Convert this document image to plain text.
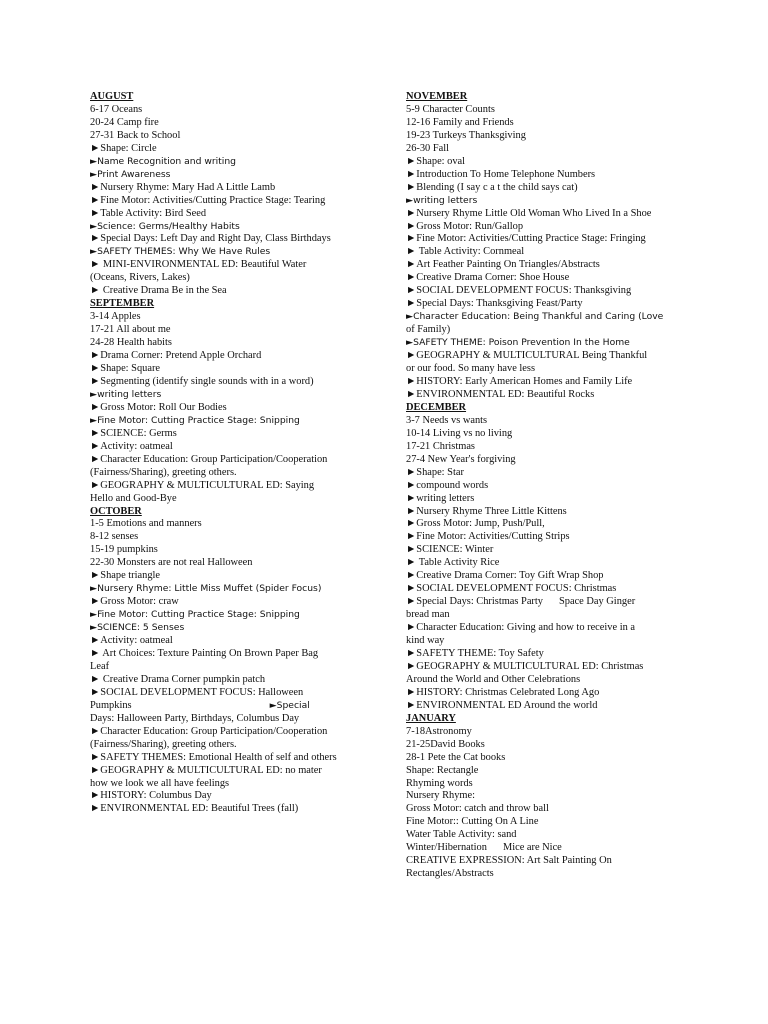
AUGUST
6-17 Oceans
20-24 Camp fire
27-31 Back to School
►Shape: Circle
►Name Recognition and writing
►Print Awareness
►Nursery Rhyme: Mary Had A Little Lamb
►Fine Motor: Activities/Cutting Practice Stage: Tearing
►Table Activity: Bird Seed
►Science: Germs/Healthy Habits
►Special Days: Left Day and Right Day, Class Birthdays
►SAFETY THEMES: Why We Have Rules
► MINI-ENVIRONMENTAL ED: Beautiful Water
(Oceans, Rivers, Lakes)
► Creative Drama Be in the Sea
SEPTEMBER
3-14 Apples
17-21 All about me
24-28 Health habits
►Drama Corner: Pretend Apple Orchard
►Shape: Square
►Segmenting (identify single sounds with in a word)
►writing letters
►Gross Motor: Roll Our Bodies
►Fine Motor: Cutting Practice Stage: Snipping
►SCIENCE: Germs
►Activity: oatmeal
►Character Education: Group Participation/Cooperation
(Fairness/Sharing), greeting others.
►GEOGRAPHY & MULTICULTURAL ED: Saying
Hello and Good-Bye
OCTOBER
1-5 Emotions and manners
8-12 senses
15-19 pumpkins
22-30 Monsters are not real Halloween
►Shape triangle
►Nursery Rhyme: Little Miss Muffet (Spider Focus)
►Gross Motor: craw
►Fine Motor: Cutting Practice Stage: Snipping
►SCIENCE: 5 Senses
►Activity: oatmeal
► Art Choices: Texture Painting On Brown Paper Bag
Leaf
► Creative Drama Corner pumpkin patch
►SOCIAL DEVELOPMENT FOCUS: Halloween
Pumpkins	►Special
Days: Halloween Party, Birthdays, Columbus Day
►Character Education: Group Participation/Cooperation
(Fairness/Sharing), greeting others.
►SAFETY THEMES: Emotional Health of self and others
►GEOGRAPHY & MULTICULTURAL ED: no mater
how we look we all have feelings
►HISTORY: Columbus Day
►ENVIRONMENTAL ED: Beautiful Trees (fall)
NOVEMBER
5-9 Character Counts
12-16 Family and Friends
19-23 Turkeys Thanksgiving
26-30 Fall
►Shape: oval
►Introduction To Home Telephone Numbers
►Blending (I say c a t the child says cat)
►writing letters
►Nursery Rhyme Little Old Woman Who Lived In a Shoe
►Gross Motor: Run/Gallop
►Fine Motor: Activities/Cutting Practice Stage: Fringing
► Table Activity: Cornmeal
►Art Feather Painting On Triangles/Abstracts
►Creative Drama Corner: Shoe House
►SOCIAL DEVELOPMENT FOCUS: Thanksgiving
►Special Days: Thanksgiving Feast/Party
►Character Education: Being Thankful and Caring (Love
of Family)
►SAFETY THEME: Poison Prevention In the Home
►GEOGRAPHY & MULTICULTURAL Being Thankful
or our food. So many have less
►HISTORY: Early American Homes and Family Life
►ENVIRONMENTAL ED: Beautiful Rocks
DECEMBER
3-7 Needs vs wants
10-14 Living vs no living
17-21 Christmas
27-4 New Year's forgiving
►Shape: Star
►compound words
►writing letters
►Nursery Rhyme Three Little Kittens
►Gross Motor: Jump, Push/Pull,
►Fine Motor: Activities/Cutting Strips
►SCIENCE: Winter
► Table Activity Rice
►Creative Drama Corner: Toy Gift Wrap Shop
►SOCIAL DEVELOPMENT FOCUS: Christmas
►Special Days: Christmas Party Space Day Ginger
bread man
►Character Education: Giving and how to receive in a
kind way
►SAFETY THEME: Toy Safety
►GEOGRAPHY & MULTICULTURAL ED: Christmas
Around the World and Other Celebrations
►HISTORY: Christmas Celebrated Long Ago
►ENVIRONMENTAL ED Around the world
JANUARY
7-18Astronomy
21-25David Books
28-1 Pete the Cat books
Shape: Rectangle
Rhyming words
Nursery Rhyme:
Gross Motor: catch and throw ball
Fine Motor:: Cutting On A Line
Water Table Activity: sand
Winter/Hibernation Mice are Nice
CREATIVE EXPRESSION: Art Salt Painting On
Rectangles/Abstracts
